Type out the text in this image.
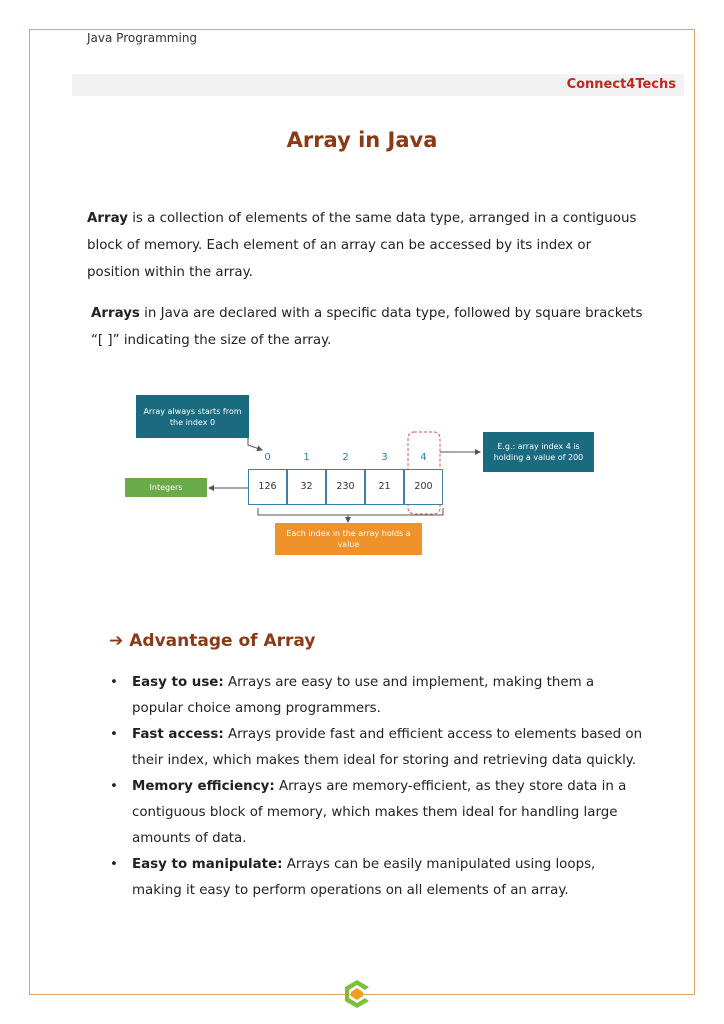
Java Programming
Connect4Techs
Array in Java
Array is a collection of elements of the same data type, arranged in a contiguous block of memory. Each element of an array can be accessed by its index or position within the array.
Arrays in Java are declared with a specific data type, followed by square brackets “[ ]” indicating the size of the array.
Array always starts from the index 0
E.g.: array index 4 is holding a value of 200
Integers
Each index in the array holds a value
0	1	2	3	4
126	32	230	21	200
➔ Advantage of Array
• Easy to use: Arrays are easy to use and implement, making them a popular choice among programmers.
• Fast access: Arrays provide fast and efficient access to elements based on their index, which makes them ideal for storing and retrieving data quickly.
• Memory efficiency: Arrays are memory-efficient, as they store data in a contiguous block of memory, which makes them ideal for handling large amounts of data.
• Easy to manipulate: Arrays can be easily manipulated using loops, making it easy to perform operations on all elements of an array.
